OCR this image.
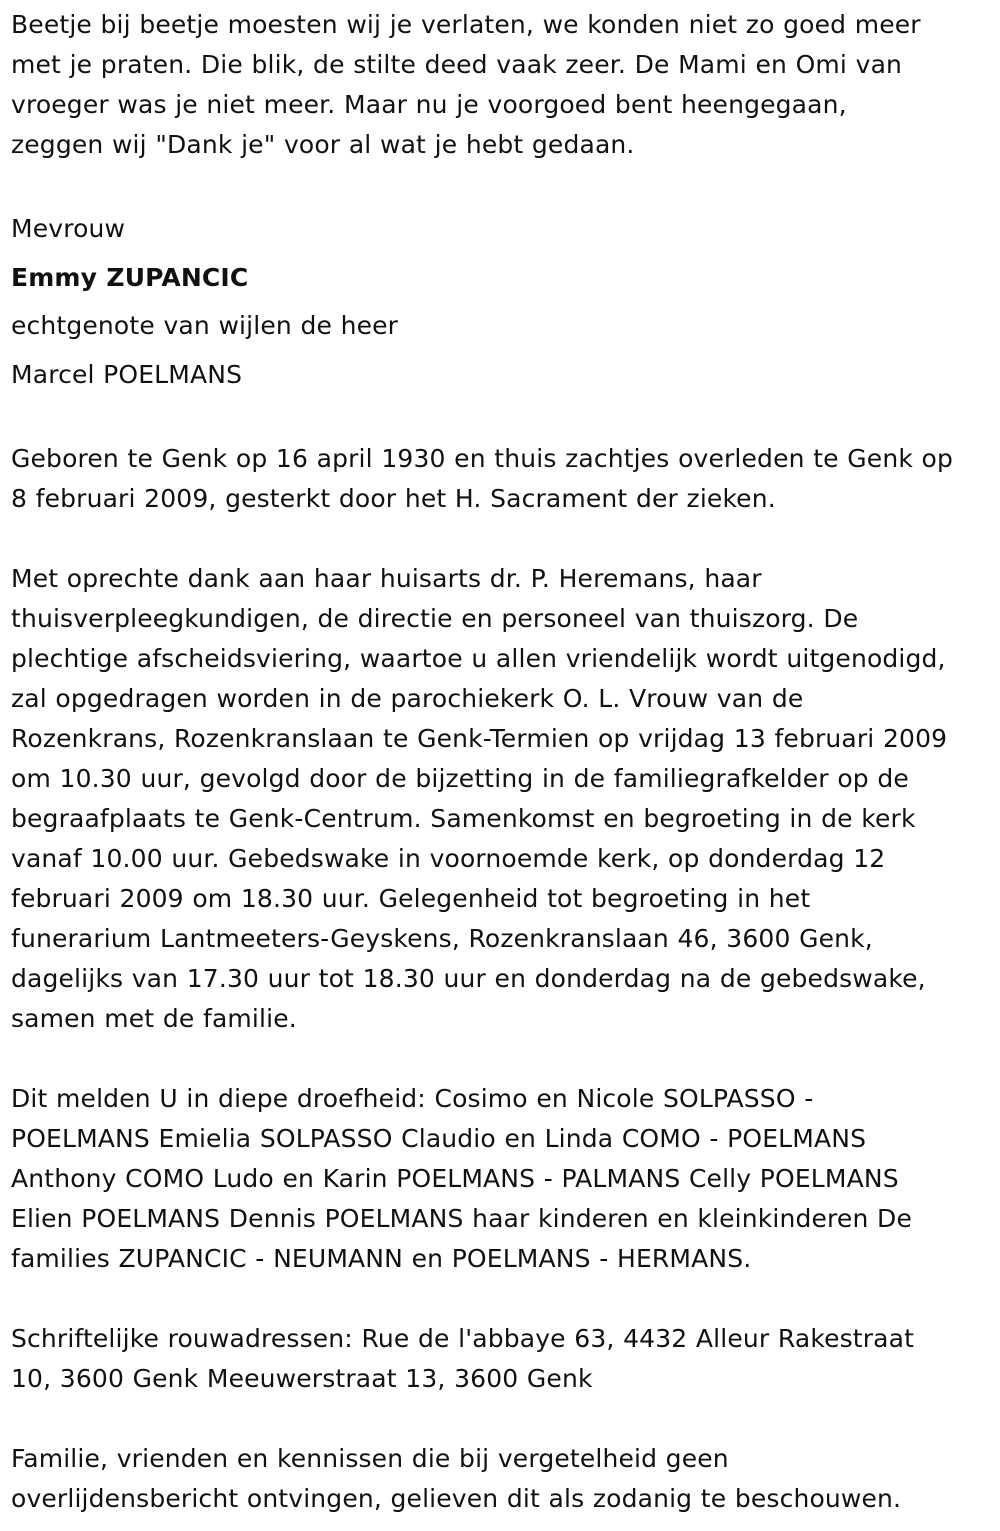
Beetje bij beetje moesten wij je verlaten, we konden niet zo goed meer
met je praten. Die blik, de stilte deed vaak zeer. De Mami en Omi van
vroeger was je niet meer. Maar nu je voorgoed bent heengegaan,
zeggen wij "Dank je" voor al wat je hebt gedaan.

Mevrouw
Emmy ZUPANCIC
echtgenote van wijlen de heer
Marcel POELMANS

Geboren te Genk op 16 april 1930 en thuis zachtjes overleden te Genk op
8 februari 2009, gesterkt door het H. Sacrament der zieken.

Met oprechte dank aan haar huisarts dr. P. Heremans, haar
thuisverpleegkundigen, de directie en personeel van thuiszorg. De
plechtige afscheidsviering, waartoe u allen vriendelijk wordt uitgenodigd,
zal opgedragen worden in de parochiekerk O. L. Vrouw van de
Rozenkrans, Rozenkranslaan te Genk-Termien op vrijdag 13 februari 2009
om 10.30 uur, gevolgd door de bijzetting in de familiegrafkelder op de
begraafplaats te Genk-Centrum. Samenkomst en begroeting in de kerk
vanaf 10.00 uur. Gebedswake in voornoemde kerk, op donderdag 12
februari 2009 om 18.30 uur. Gelegenheid tot begroeting in het
funerarium Lantmeeters-Geyskens, Rozenkranslaan 46, 3600 Genk,
dagelijks van 17.30 uur tot 18.30 uur en donderdag na de gebedswake,
samen met de familie.

Dit melden U in diepe droefheid: Cosimo en Nicole SOLPASSO -
POELMANS Emielia SOLPASSO Claudio en Linda COMO - POELMANS
Anthony COMO Ludo en Karin POELMANS - PALMANS Celly POELMANS
Elien POELMANS Dennis POELMANS haar kinderen en kleinkinderen De
families ZUPANCIC - NEUMANN en POELMANS - HERMANS.

Schriftelijke rouwadressen: Rue de l'abbaye 63, 4432 Alleur Rakestraat
10, 3600 Genk Meeuwerstraat 13, 3600 Genk

Familie, vrienden en kennissen die bij vergetelheid geen
overlijdensbericht ontvingen, gelieven dit als zodanig te beschouwen.
